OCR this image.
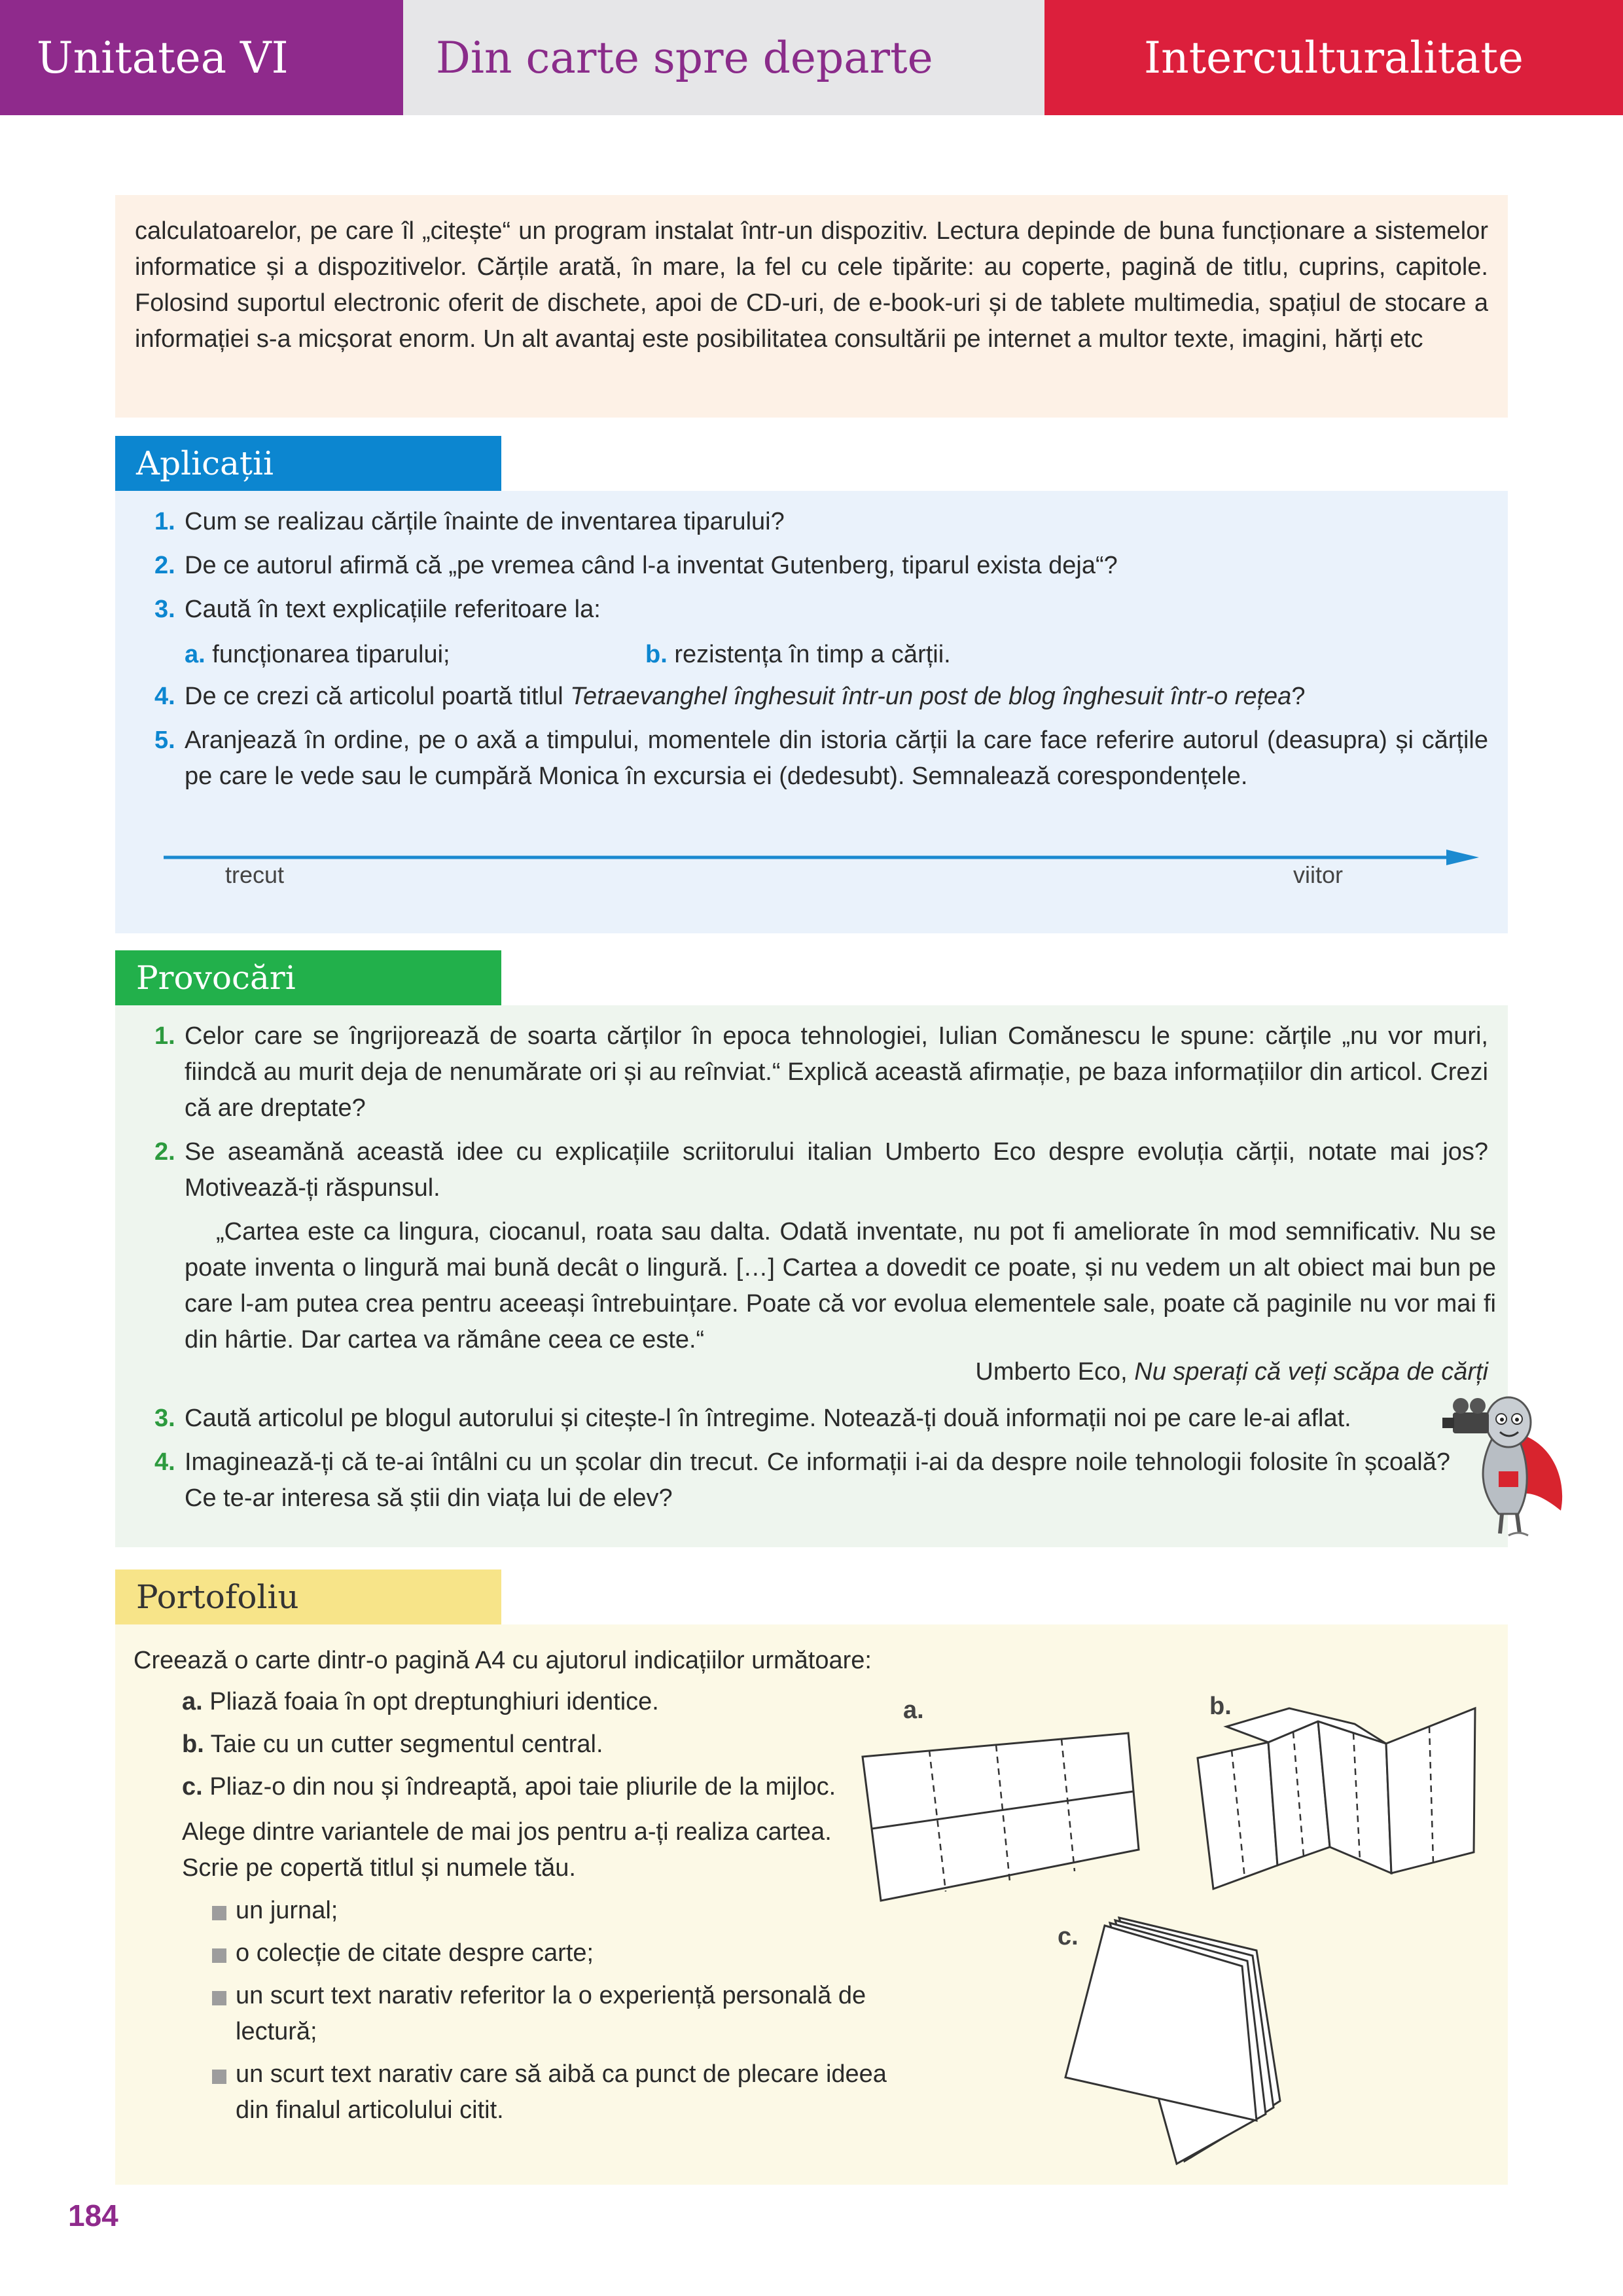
Unitatea VI	Din carte spre departe	Interculturalitate
calculatoarelor, pe care îl „citește“ un program instalat într-un dispozitiv. Lectura depinde de buna funcționare a sistemelor informatice și a dispozitivelor. Cărțile arată, în mare, la fel cu cele tipărite: au coperte, pagină de titlu, cuprins, capitole. Folosind suportul electronic oferit de dischete, apoi de CD-uri, de e-book-uri și de tablete multimedia, spațiul de stocare a informației s-a micșorat enorm. Un alt avantaj este posibilitatea consultării pe internet a multor texte, imagini, hărți etc
Aplicații
1. Cum se realizau cărțile înainte de inventarea tiparului?
2. De ce autorul afirmă că „pe vremea când l-a inventat Gutenberg, tiparul exista deja“?
3. Caută în text explicațiile referitoare la:
a. funcționarea tiparului;	b. rezistența în timp a cărții.
4. De ce crezi că articolul poartă titlul Tetraevanghel înghesuit într-un post de blog înghesuit într-o rețea?
5. Aranjează în ordine, pe o axă a timpului, momentele din istoria cărții la care face referire autorul (deasupra) și cărțile pe care le vede sau le cumpără Monica în excursia ei (dedesubt). Semnalează corespondențele.
trecut	viitor
Provocări
1. Celor care se îngrijorează de soarta cărților în epoca tehnologiei, Iulian Comănescu le spune: cărțile „nu vor muri, fiindcă au murit deja de nenumărate ori și au reînviat.“ Explică această afirmație, pe baza informațiilor din articol. Crezi că are dreptate?
2. Se aseamănă această idee cu explicațiile scriitorului italian Umberto Eco despre evoluția cărții, notate mai jos? Motivează-ți răspunsul.
„Cartea este ca lingura, ciocanul, roata sau dalta. Odată inventate, nu pot fi ameliorate în mod semnificativ. Nu se poate inventa o lingură mai bună decât o lingură. […] Cartea a dovedit ce poate, și nu vedem un alt obiect mai bun pe care l-am putea crea pentru aceeași întrebuințare. Poate că vor evolua elementele sale, poate că paginile nu vor mai fi din hârtie. Dar cartea va rămâne ceea ce este.“
Umberto Eco, Nu sperați că veți scăpa de cărți
3. Caută articolul pe blogul autorului și citește-l în întregime. Notează-ți două informații noi pe care le-ai aflat.
4. Imaginează-ți că te-ai întâlni cu un școlar din trecut. Ce informații i-ai da despre noile tehnologii folosite în școală? Ce te-ar interesa să știi din viața lui de elev?
Portofoliu
Creează o carte dintr-o pagină A4 cu ajutorul indicațiilor următoare:
a. Pliază foaia în opt dreptunghiuri identice.
b. Taie cu un cutter segmentul central.
c. Pliaz-o din nou și îndreaptă, apoi taie pliurile de la mijloc.
Alege dintre variantele de mai jos pentru a-ți realiza cartea. Scrie pe copertă titlul și numele tău.
un jurnal;
o colecție de citate despre carte;
un scurt text narativ referitor la o experiență personală de lectură;
un scurt text narativ care să aibă ca punct de plecare ideea din finalul articolului citit.
a.	b.
c.
184
